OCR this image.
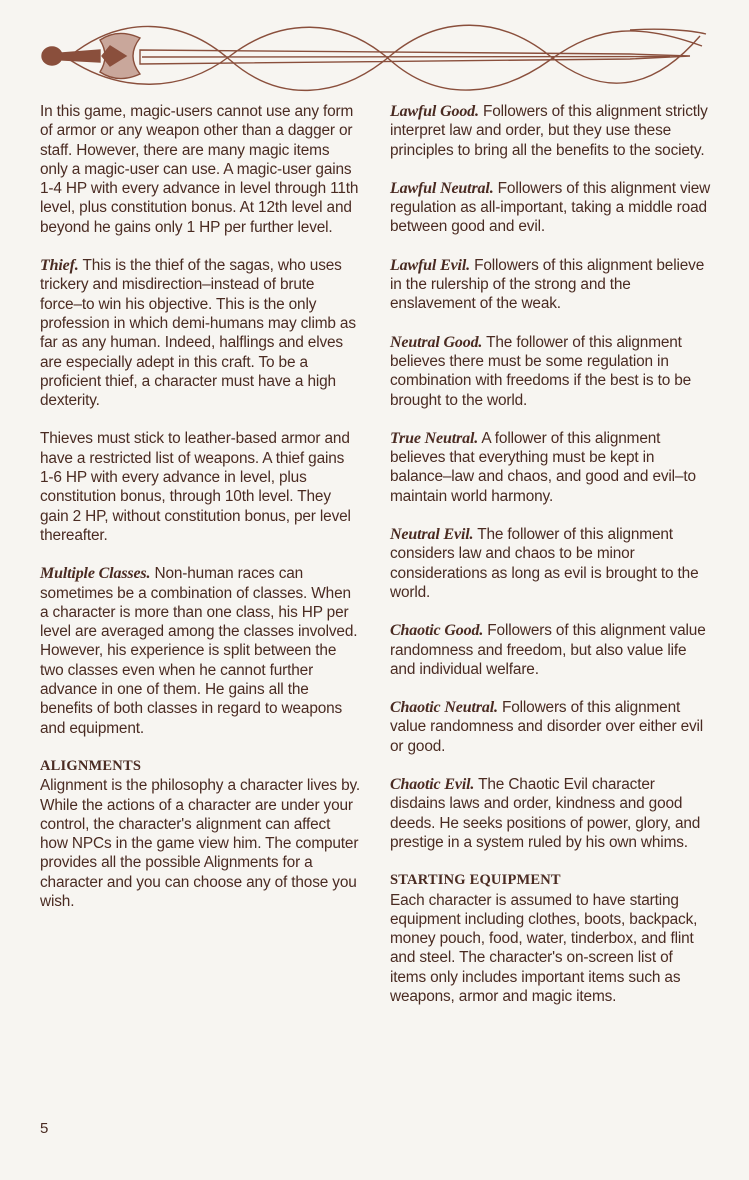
In this game, magic-users cannot use any form of armor or any weapon other than a dagger or staff. However, there are many magic items only a magic-user can use. A magic-user gains 1-4 HP with every advance in level through 11th level, plus constitution bonus. At 12th level and beyond he gains only 1 HP per further level.

Thief. This is the thief of the sagas, who uses trickery and misdirection–instead of brute force–to win his objective. This is the only profession in which demi-humans may climb as far as any human. Indeed, halflings and elves are especially adept in this craft. To be a proficient thief, a character must have a high dexterity.

Thieves must stick to leather-based armor and have a restricted list of weapons. A thief gains 1-6 HP with every advance in level, plus constitution bonus, through 10th level. They gain 2 HP, without constitution bonus, per level thereafter.

Multiple Classes. Non-human races can sometimes be a combination of classes. When a character is more than one class, his HP per level are averaged among the classes involved. However, his experience is split between the two classes even when he cannot further advance in one of them. He gains all the benefits of both classes in regard to weapons and equipment.

ALIGNMENTS

Alignment is the philosophy a character lives by. While the actions of a character are under your control, the character's alignment can affect how NPCs in the game view him. The computer provides all the possible Alignments for a character and you can choose any of those you wish.

Lawful Good. Followers of this alignment strictly interpret law and order, but they use these principles to bring all the benefits to the society.

Lawful Neutral. Followers of this alignment view regulation as all-important, taking a middle road between good and evil.

Lawful Evil. Followers of this alignment believe in the rulership of the strong and the enslavement of the weak.

Neutral Good. The follower of this alignment believes there must be some regulation in combination with freedoms if the best is to be brought to the world.

True Neutral. A follower of this alignment believes that everything must be kept in balance–law and chaos, and good and evil–to maintain world harmony.

Neutral Evil. The follower of this alignment considers law and chaos to be minor considerations as long as evil is brought to the world.

Chaotic Good. Followers of this alignment value randomness and freedom, but also value life and individual welfare.

Chaotic Neutral. Followers of this alignment value randomness and disorder over either evil or good.

Chaotic Evil. The Chaotic Evil character disdains laws and order, kindness and good deeds. He seeks positions of power, glory, and prestige in a system ruled by his own whims.

STARTING EQUIPMENT

Each character is assumed to have starting equipment including clothes, boots, backpack, money pouch, food, water, tinderbox, and flint and steel. The character's on-screen list of items only includes important items such as weapons, armor and magic items.

5
